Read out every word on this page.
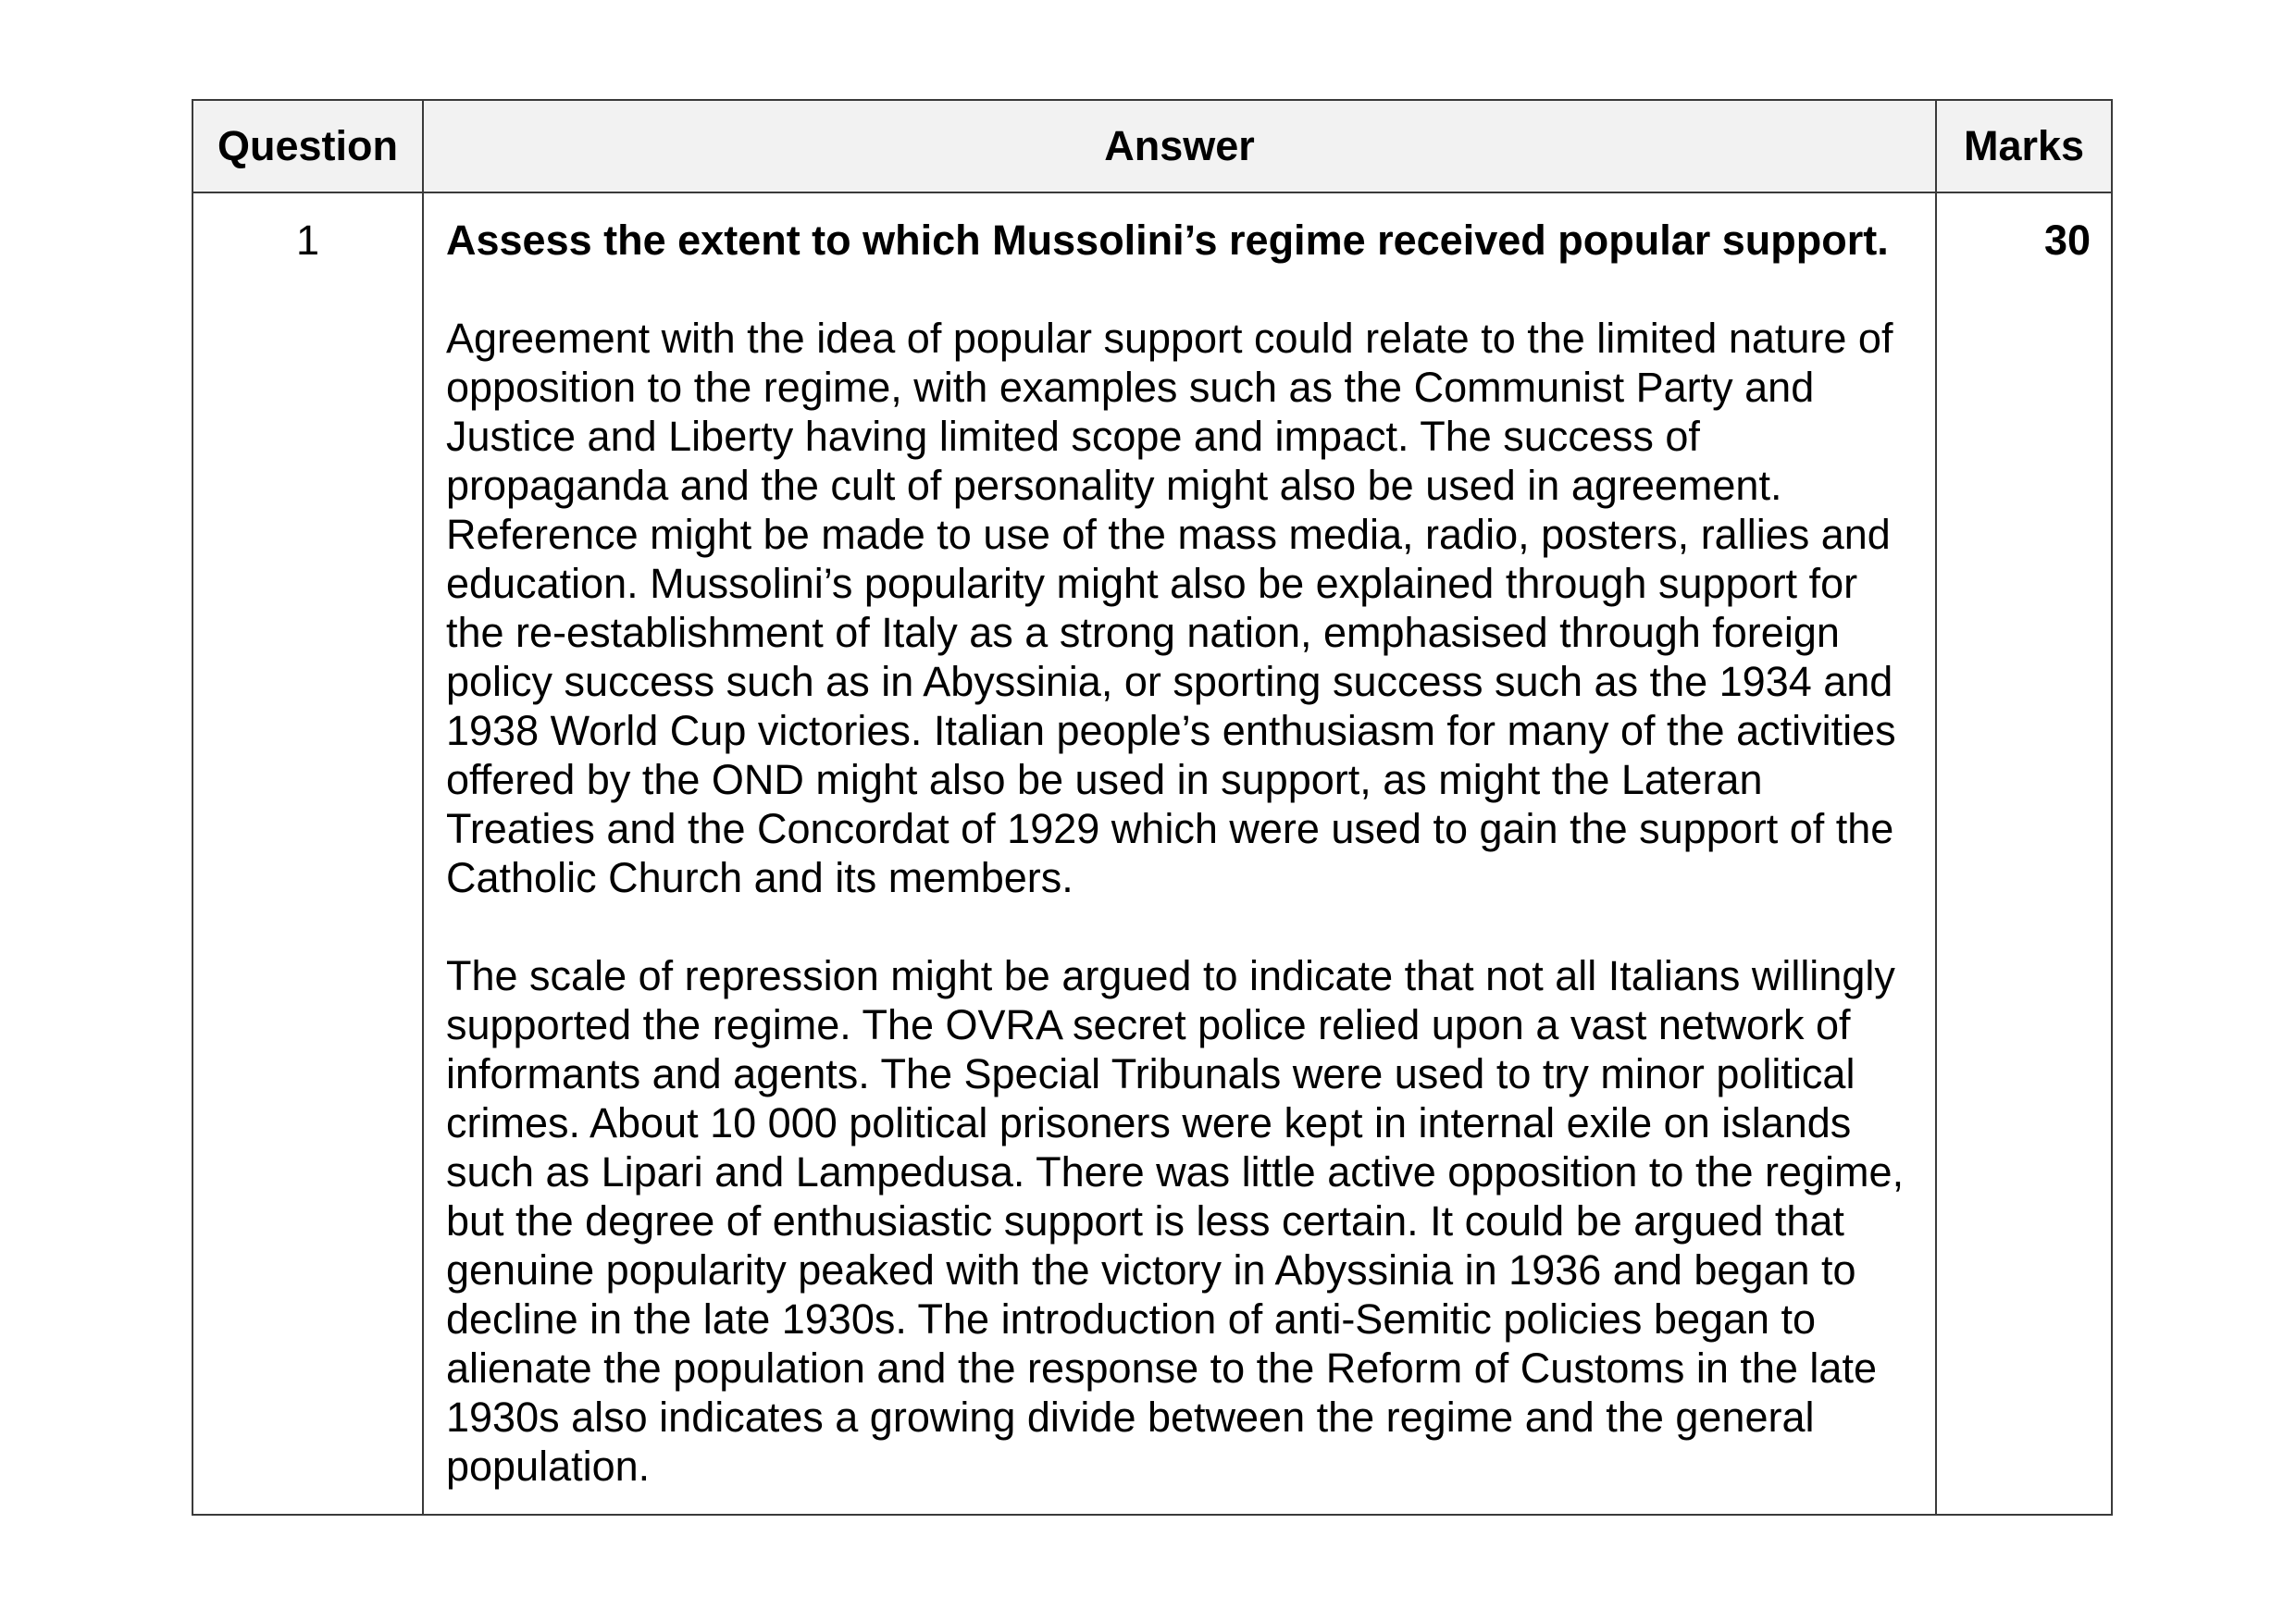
Question	Answer	Marks
1	Assess the extent to which Mussolini’s regime received popular support.

Agreement with the idea of popular support could relate to the limited nature of opposition to the regime, with examples such as the Communist Party and Justice and Liberty having limited scope and impact. The success of propaganda and the cult of personality might also be used in agreement. Reference might be made to use of the mass media, radio, posters, rallies and education. Mussolini’s popularity might also be explained through support for the re-establishment of Italy as a strong nation, emphasised through foreign policy success such as in Abyssinia, or sporting success such as the 1934 and 1938 World Cup victories. Italian people’s enthusiasm for many of the activities offered by the OND might also be used in support, as might the Lateran Treaties and the Concordat of 1929 which were used to gain the support of the Catholic Church and its members.

The scale of repression might be argued to indicate that not all Italians willingly supported the regime. The OVRA secret police relied upon a vast network of informants and agents. The Special Tribunals were used to try minor political crimes. About 10 000 political prisoners were kept in internal exile on islands such as Lipari and Lampedusa. There was little active opposition to the regime, but the degree of enthusiastic support is less certain. It could be argued that genuine popularity peaked with the victory in Abyssinia in 1936 and began to decline in the late 1930s. The introduction of anti-Semitic policies began to alienate the population and the response to the Reform of Customs in the late 1930s also indicates a growing divide between the regime and the general population.	30
